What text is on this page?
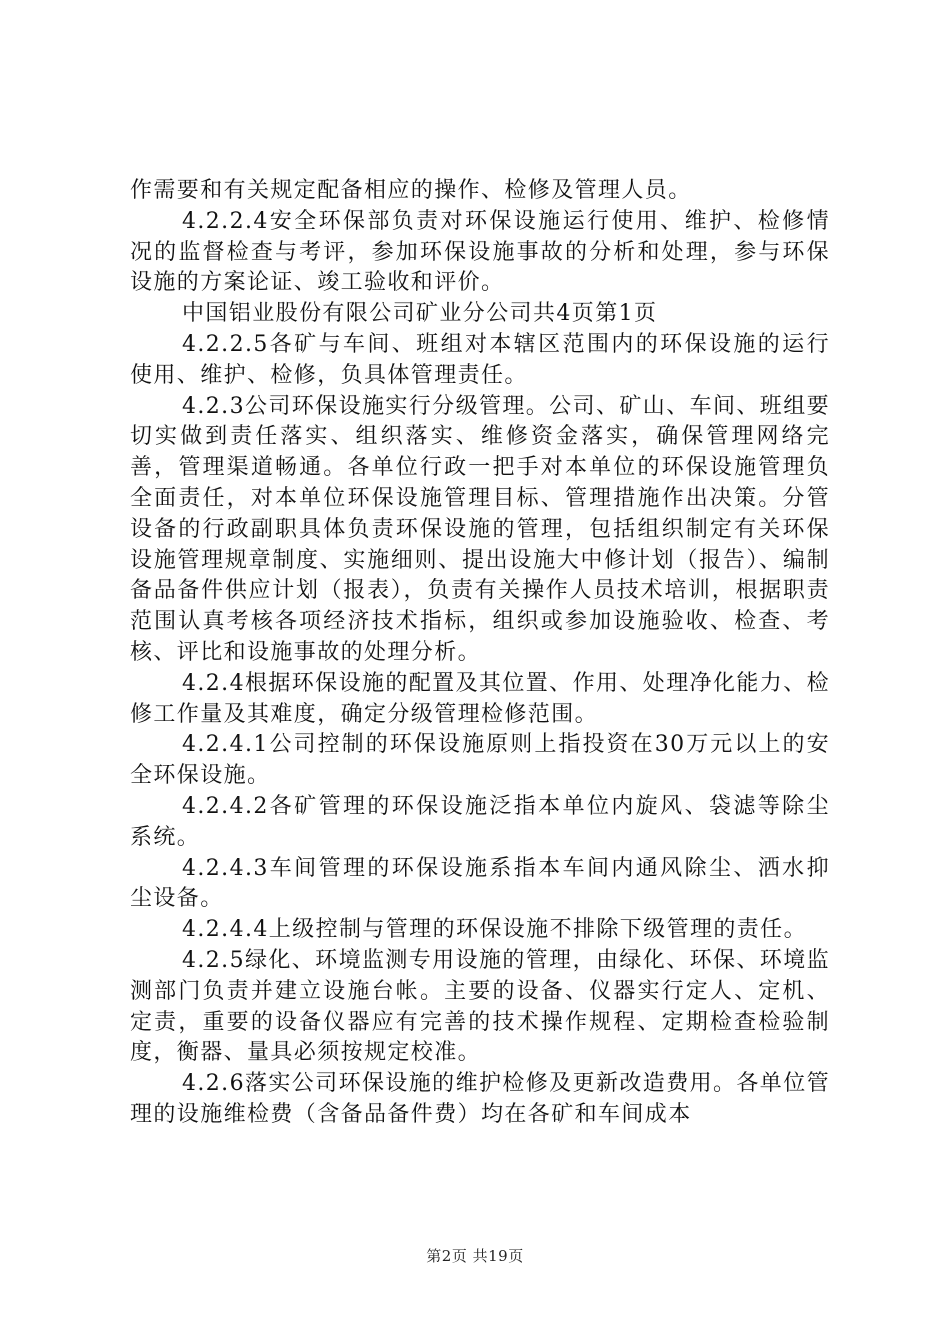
作需要和有关规定配备相应的操作、检修及管理人员。

4.2.2.4安全环保部负责对环保设施运行使用、维护、检修情况的监督检查与考评，参加环保设施事故的分析和处理，参与环保设施的方案论证、竣工验收和评价。

中国铝业股份有限公司矿业分公司共4页第1页

4.2.2.5各矿与车间、班组对本辖区范围内的环保设施的运行使用、维护、检修，负具体管理责任。

4.2.3公司环保设施实行分级管理。公司、矿山、车间、班组要切实做到责任落实、组织落实、维修资金落实，确保管理网络完善，管理渠道畅通。各单位行政一把手对本单位的环保设施管理负全面责任，对本单位环保设施管理目标、管理措施作出决策。分管设备的行政副职具体负责环保设施的管理，包括组织制定有关环保设施管理规章制度、实施细则、提出设施大中修计划（报告）、编制备品备件供应计划（报表），负责有关操作人员技术培训，根据职责范围认真考核各项经济技术指标，组织或参加设施验收、检查、考核、评比和设施事故的处理分析。

4.2.4根据环保设施的配置及其位置、作用、处理净化能力、检修工作量及其难度，确定分级管理检修范围。

4.2.4.1公司控制的环保设施原则上指投资在30万元以上的安全环保设施。

4.2.4.2各矿管理的环保设施泛指本单位内旋风、袋滤等除尘系统。

4.2.4.3车间管理的环保设施系指本车间内通风除尘、洒水抑尘设备。

4.2.4.4上级控制与管理的环保设施不排除下级管理的责任。

4.2.5绿化、环境监测专用设施的管理，由绿化、环保、环境监测部门负责并建立设施台帐。主要的设备、仪器实行定人、定机、定责，重要的设备仪器应有完善的技术操作规程、定期检查检验制度，衡器、量具必须按规定校准。

4.2.6落实公司环保设施的维护检修及更新改造费用。各单位管理的设施维检费（含备品备件费）均在各矿和车间成本

第2页 共19页
